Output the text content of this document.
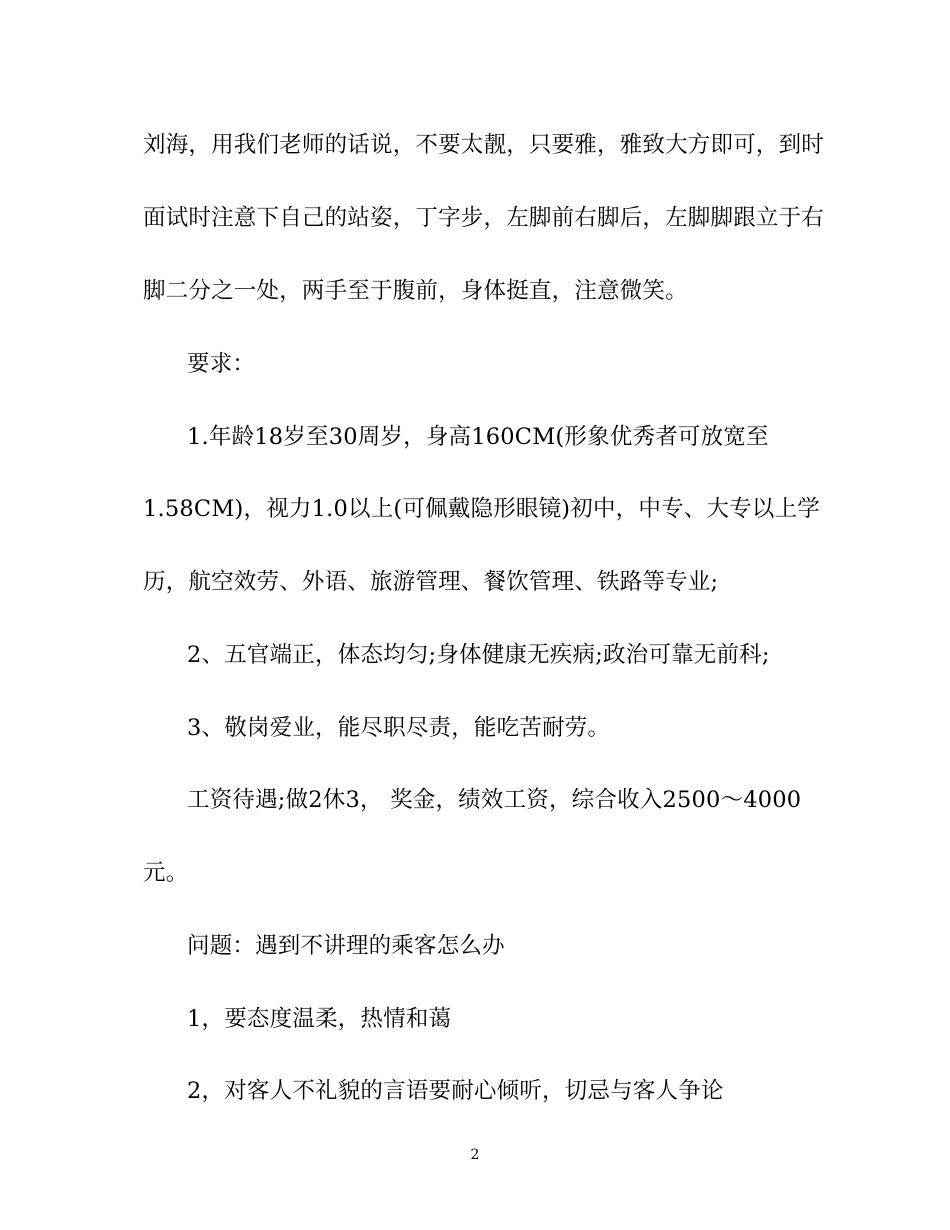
刘海，用我们老师的话说，不要太靓，只要雅，雅致大方即可，到时
面试时注意下自己的站姿，丁字步，左脚前右脚后，左脚脚跟立于右
脚二分之一处，两手至于腹前，身体挺直，注意微笑。
要求：
1.年龄18岁至30周岁，身高160CM(形象优秀者可放宽至
1.58CM)，视力1.0以上(可佩戴隐形眼镜)初中，中专、大专以上学
历，航空效劳、外语、旅游管理、餐饮管理、铁路等专业;
2、五官端正，体态均匀;身体健康无疾病;政治可靠无前科;
3、敬岗爱业，能尽职尽责，能吃苦耐劳。
工资待遇;做2休3， 奖金，绩效工资，综合收入2500～4000
元。
问题：遇到不讲理的乘客怎么办
1，要态度温柔，热情和蔼
2，对客人不礼貌的言语要耐心倾听，切忌与客人争论
2
